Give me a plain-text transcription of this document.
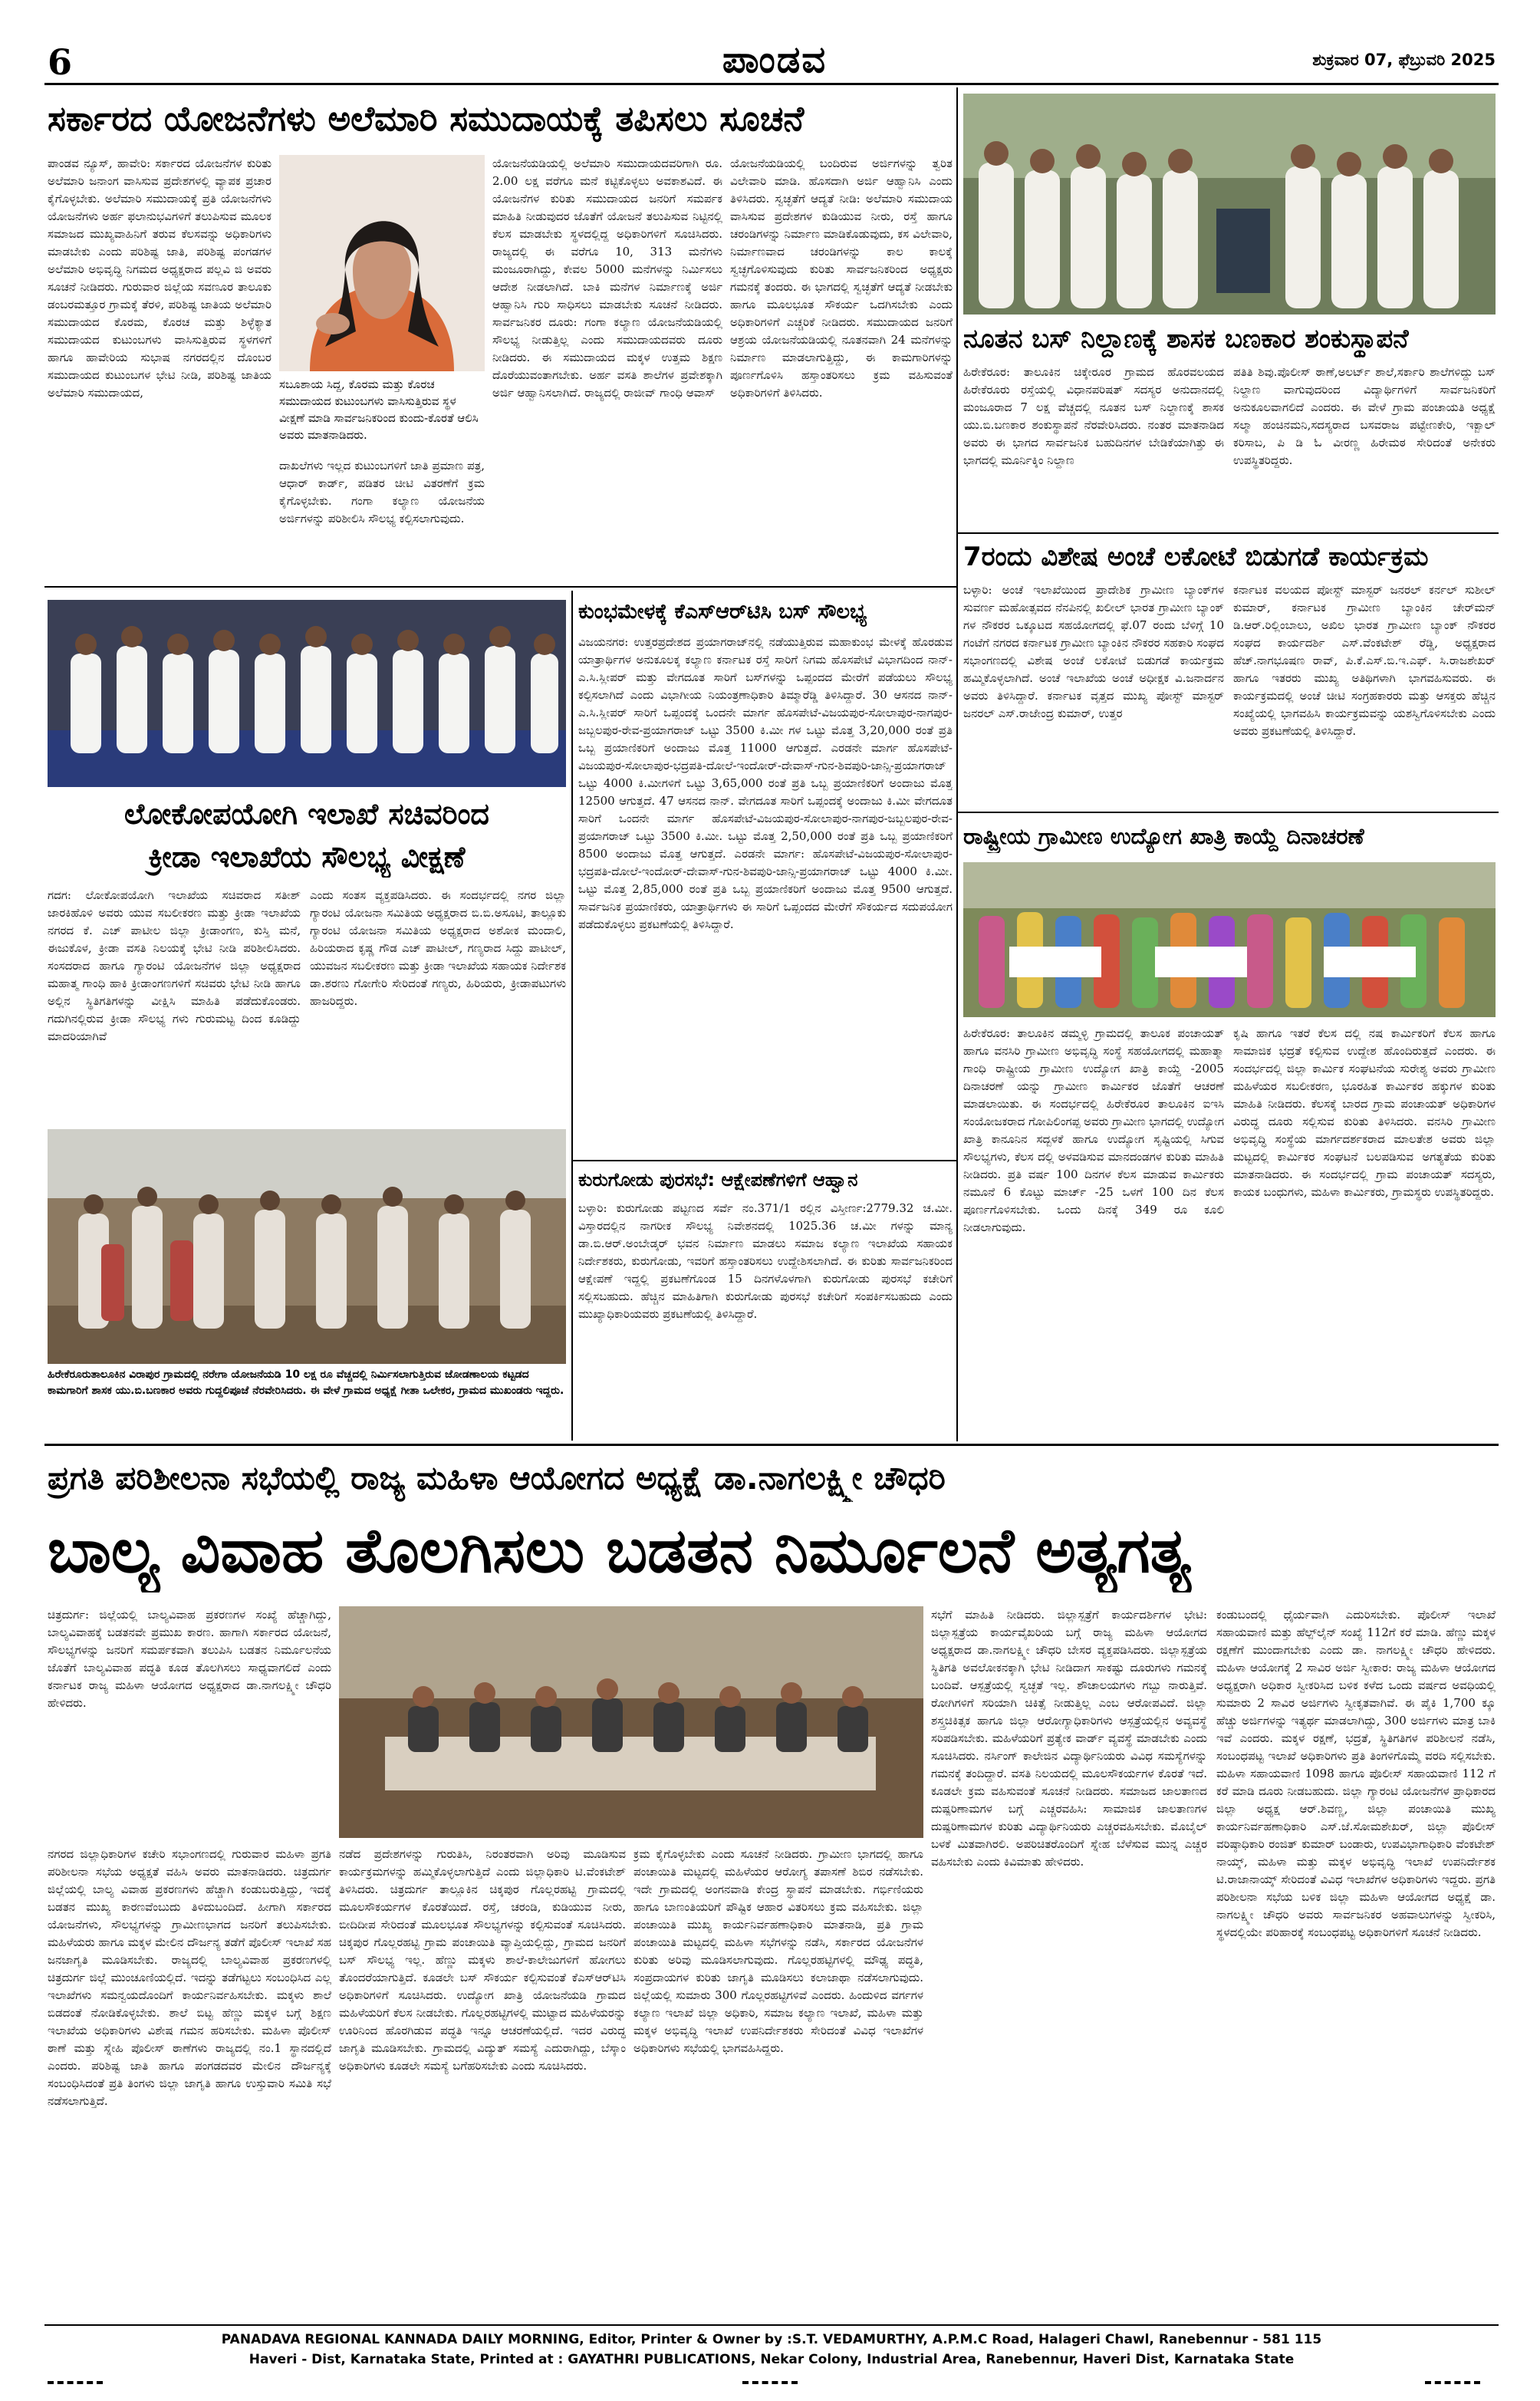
6	ಪಾಂಡವ	ಶುಕ್ರವಾರ 07, ಫೆಬ್ರುವರಿ 2025
ಸರ್ಕಾರದ ಯೋಜನೆಗಳು ಅಲೆಮಾರಿ ಸಮುದಾಯಕ್ಕೆ ತಪಿಸಲು ಸೂಚನೆ
ಪಾಂಡವ ನ್ಯೂಸ್, ಹಾವೇರಿ: ಸರ್ಕಾರದ ಯೋಜನೆಗಳ ಕುರಿತು ಅಲೆಮಾರಿ ಜನಾಂಗ ವಾಸಿಸುವ ಪ್ರದೇಶಗಳಲ್ಲಿ ವ್ಯಾಪಕ ಪ್ರಚಾರ ಕೈಗೊಳ್ಳಬೇಕು. ಅಲೆಮಾರಿ ಸಮುದಾಯಕ್ಕೆ ಪ್ರತಿ ಯೋಜನೆಗಳು ಯೋಜನೆಗಳು ಅರ್ಹ ಫಲಾನುಭವಿಗಳಿಗೆ ತಲುಪಿಸುವ ಮೂಲಕ ಸಮಾಜದ ಮುಖ್ಯವಾಹಿನಿಗೆ ತರುವ ಕೆಲಸವನ್ನು ಅಧಿಕಾರಿಗಳು ಮಾಡಬೇಕು ಎಂದು ಪರಿಶಿಷ್ಟ ಜಾತಿ, ಪರಿಶಿಷ್ಟ ಪಂಗಡಗಳ ಅಲೆಮಾರಿ ಅಭಿವೃದ್ಧಿ ನಿಗಮದ ಅಧ್ಯಕ್ಷರಾದ ಪಲ್ಲವಿ ಜಿ ಅವರು ಸೂಚನೆ ನೀಡಿದರು. ಗುರುವಾರ ಜಿಲ್ಲೆಯ ಸವಣೂರ ತಾಲೂಕು ಡಂಬರಮತ್ತೂರ ಗ್ರಾಮಕ್ಕೆ ತೆರಳಿ, ಪರಿಶಿಷ್ಟ ಜಾತಿಯ ಅಲೆಮಾರಿ ಸಮುದಾಯದ ಕೊರಮ, ಕೊರಚ ಮತ್ತು ಶಿಳ್ಳೆಕ್ಯಾತ ಸಮುದಾಯದ ಕುಟುಂಬಗಳು ವಾಸಿಸುತ್ತಿರುವ ಸ್ಥಳಗಳಿಗೆ ಹಾಗೂ ಹಾವೇರಿಯ ಸುಭಾಷ ನಗರದಲ್ಲಿನ ದೊಂಬರ ಸಮುದಾಯದ ಕುಟುಂಬಗಳ ಭೇಟಿ ನೀಡಿ, ಪರಿಶಿಷ್ಟ ಜಾತಿಯ ಅಲೆಮಾರಿ ಸಮುದಾಯದ,
ಸಬೂಶಾಯ ಸಿದ್ದ, ಕೊರಮ ಮತ್ತು ಕೊರಚ ಸಮುದಾಯದ ಕುಟುಂಬಗಳು ವಾಸಿಸುತ್ತಿರುವ ಸ್ಥಳ ವೀಕ್ಷಣೆ ಮಾಡಿ ಸಾರ್ವಜನಿಕರಿಂದ ಕುಂದು-ಕೊರತೆ ಆಲಿಸಿ ಅವರು ಮಾತನಾಡಿದರು.
ಯೋಜನೆಯಡಿಯಲ್ಲಿ ಅಲೆಮಾರಿ ಸಮುದಾಯದವರಿಗಾಗಿ ರೂ. 2.00 ಲಕ್ಷ ವರೆಗೂ ಮನೆ ಕಟ್ಟಿಕೊಳ್ಳಲು ಅವಕಾಶವಿದೆ. ಈ ಯೋಜನೆಗಳ ಕುರಿತು ಸಮುದಾಯದ ಜನರಿಗೆ ಸಮರ್ಪಕ ಮಾಹಿತಿ ನೀಡುವುದರ ಜೊತೆಗೆ ಯೋಜನೆ ತಲುಪಿಸುವ ನಿಟ್ಟಿನಲ್ಲಿ ಕೆಲಸ ಮಾಡಬೇಕು ಸ್ಥಳದಲ್ಲಿದ್ದ ಅಧಿಕಾರಿಗಳಿಗೆ ಸೂಚಿಸಿದರು. ರಾಜ್ಯದಲ್ಲಿ ಈ ವರೆಗೂ 10, 313 ಮನೆಗಳು ಮಂಜೂರಾಗಿದ್ದು, ಕೇವಲ 5000 ಮನೆಗಳನ್ನು ನಿರ್ಮಿಸಲು ಆದೇಶ ನೀಡಲಾಗಿದೆ. ಬಾಕಿ ಮನೆಗಳ ನಿರ್ಮಾಣಕ್ಕೆ ಅರ್ಜಿ ಆಹ್ವಾನಿಸಿ ಗುರಿ ಸಾಧಿಸಲು ಮಾಡಬೇಕು ಸೂಚನೆ ನೀಡಿದರು. ಸಾರ್ವಜನಿಕರ ದೂರು: ಗಂಗಾ ಕಲ್ಯಾಣ ಯೋಜನೆಯಡಿಯಲ್ಲಿ ಸೌಲಭ್ಯ ನೀಡುತ್ತಿಲ್ಲ ಎಂದು ಸಮುದಾಯದವರು ದೂರು ನೀಡಿದರು. ಈ ಸಮುದಾಯದ ಮಕ್ಕಳ ಉತ್ತಮ ಶಿಕ್ಷಣ ದೊರೆಯುವಂತಾಗಬೇಕು. ಅರ್ಹ ವಸತಿ ಶಾಲೆಗಳ ಪ್ರವೇಶಕ್ಕಾಗಿ ಅರ್ಜಿ ಆಹ್ವಾನಿಸಲಾಗಿದೆ. ರಾಜ್ಯದಲ್ಲಿ ರಾಜೀವ್ ಗಾಂಧಿ ಆವಾಸ್
ಯೋಜನೆಯಡಿಯಲ್ಲಿ ಬಂದಿರುವ ಅರ್ಜಿಗಳನ್ನು ತ್ವರಿತ ವಿಲೇವಾರಿ ಮಾಡಿ. ಹೊಸದಾಗಿ ಅರ್ಜಿ ಆಹ್ವಾನಿಸಿ ಎಂದು ತಿಳಿಸಿದರು. ಸ್ವಚ್ಛತೆಗೆ ಆದ್ಯತೆ ನೀಡಿ: ಅಲೆಮಾರಿ ಸಮುದಾಯ ವಾಸಿಸುವ ಪ್ರದೇಶಗಳ ಕುಡಿಯುವ ನೀರು, ರಸ್ತೆ ಹಾಗೂ ಚರಂಡಿಗಳನ್ನು ನಿರ್ಮಾಣ ಮಾಡಿಕೊಡುವುದು, ಕಸ ವಿಲೇವಾರಿ, ನಿರ್ಮಾಣವಾದ ಚರಂಡಿಗಳನ್ನು ಕಾಲ ಕಾಲಕ್ಕೆ ಸ್ವಚ್ಛಗೊಳಿಸುವುದು ಕುರಿತು ಸಾರ್ವಜನಿಕರಿಂದ ಅಧ್ಯಕ್ಷರು ಗಮನಕ್ಕೆ ತಂದರು. ಈ ಭಾಗದಲ್ಲಿ ಸ್ವಚ್ಛತೆಗೆ ಆದ್ಯತೆ ನೀಡಬೇಕು ಹಾಗೂ ಮೂಲಭೂತ ಸೌಕರ್ಯ ಒದಗಿಸಬೇಕು ಎಂದು ಅಧಿಕಾರಿಗಳಿಗೆ ಎಚ್ಚರಿಕೆ ನೀಡಿದರು. ಸಮುದಾಯದ ಜನರಿಗೆ ಆಶ್ರಯ ಯೋಜನೆಯಡಿಯಲ್ಲಿ ನೂತನವಾಗಿ 24 ಮನೆಗಳನ್ನು ನಿರ್ಮಾಣ ಮಾಡಲಾಗುತ್ತಿದ್ದು, ಈ ಕಾಮಗಾರಿಗಳನ್ನು ಪೂರ್ಣಗೊಳಿಸಿ ಹಸ್ತಾಂತರಿಸಲು ಕ್ರಮ ವಹಿಸುವಂತೆ ಅಧಿಕಾರಿಗಳಿಗೆ ತಿಳಿಸಿದರು.
ದಾಖಲೆಗಳು ಇಲ್ಲದ ಕುಟುಂಬಗಳಿಗೆ ಜಾತಿ ಪ್ರಮಾಣ ಪತ್ರ, ಆಧಾರ್ ಕಾರ್ಡ್, ಪಡಿತರ ಚೀಟಿ ವಿತರಣೆಗೆ ಕ್ರಮ ಕೈಗೊಳ್ಳಬೇಕು. ಗಂಗಾ ಕಲ್ಯಾಣ ಯೋಜನೆಯ ಅರ್ಜಿಗಳನ್ನು ಪರಿಶೀಲಿಸಿ ಸೌಲಭ್ಯ ಕಲ್ಪಿಸಲಾಗುವುದು.
ನೂತನ ಬಸ್ ನಿಲ್ದಾಣಕ್ಕೆ ಶಾಸಕ ಬಣಕಾರ ಶಂಕುಸ್ಥಾಪನೆ
ಹಿರೇಕೆರೂರ: ತಾಲೂಕಿನ ಚಿಕ್ಕೇರೂರ ಗ್ರಾಮದ ಹೊರವಲಯದ ಹಿರೇಕೆರೂರು ರಸ್ತೆಯಲ್ಲಿ ವಿಧಾನಪರಿಷತ್ ಸದಸ್ಯರ ಅನುದಾನದಲ್ಲಿ ಮಂಜೂರಾದ 7 ಲಕ್ಷ ವೆಚ್ಚದಲ್ಲಿ ನೂತನ ಬಸ್ ನಿಲ್ದಾಣಕ್ಕೆ ಶಾಸಕ ಯು.ಬಿ.ಬಣಕಾರ ಶಂಕುಸ್ಥಾಪನೆ ನೆರವೇರಿಸಿದರು. ನಂತರ ಮಾತನಾಡಿದ ಅವರು ಈ ಭಾಗದ ಸಾರ್ವಜನಿಕ ಬಹುದಿನಗಳ ಬೇಡಿಕೆಯಾಗಿತ್ತು ಈ ಭಾಗದಲ್ಲಿ ಮೂರ್ನಿಕ್ಕಿಂ ನಿಲ್ದಾಣ
ಪತಿತಿ ಶಿವು.ಪೊಲೀಸ್ ಠಾಣೆ,ಅಲರ್ಟ್ ಶಾಲೆ,ಸರ್ಕಾರಿ ಶಾಲೆಗಳಿದ್ದು ಬಸ್ ನಿಲ್ದಾಣ ವಾಗುವುದರಿಂದ ವಿದ್ಯಾರ್ಥಿಗಳಿಗೆ ಸಾರ್ವಜನಿಕರಿಗೆ ಅನುಕೂಲವಾಗಲಿದೆ ಎಂದರು. ಈ ವೇಳೆ ಗ್ರಾಮ ಪಂಚಾಯತಿ ಅಧ್ಯಕ್ಷೆ ಸಲ್ಮಾ ಹಂಚಿನಮನಿ,ಸದಸ್ಯರಾದ ಬಸವರಾಜ ಪಟ್ಟೇಣಕೇರಿ, ಇಕ್ಬಾಲ್ ಕರಿಸಾಬ, ಪಿ ಡಿ ಓ ವೀರಣ್ಣ ಹಿರೇಮಠ ಸೇರಿದಂತೆ ಅನೇಕರು ಉಪಸ್ಥಿತರಿದ್ದರು.
7ರಂದು ವಿಶೇಷ ಅಂಚೆ ಲಕೋಟೆ ಬಿಡುಗಡೆ ಕಾರ್ಯಕ್ರಮ
ಬಳ್ಳಾರಿ: ಅಂಚೆ ಇಲಾಖೆಯಿಂದ ಪ್ರಾದೇಶಿಕ ಗ್ರಾಮೀಣ ಬ್ಯಾಂಕ್‌ಗಳ ಸುವರ್ಣ ಮಹೋತ್ಸವದ ನೆನಪಿನಲ್ಲಿ ಖಲೀಲ್ ಭಾರತ ಗ್ರಾಮೀಣ ಬ್ಯಾಂಕ್ ಗಳ ನೌಕರರ ಒಕ್ಕೂಟದ ಸಹಯೋಗದಲ್ಲಿ ಫೆ.07 ರಂದು ಬೆಳಿಗ್ಗೆ 10 ಗಂಟೆಗೆ ನಗರದ ಕರ್ನಾಟಕ ಗ್ರಾಮೀಣ ಬ್ಯಾಂಕಿನ ನೌಕರರ ಸಹಕಾರಿ ಸಂಘದ ಸಭಾಂಗಣದಲ್ಲಿ ವಿಶೇಷ ಅಂಚೆ ಲಕೋಟೆ ಬಿಡುಗಡೆ ಕಾರ್ಯಕ್ರಮ ಹಮ್ಮಿಕೊಳ್ಳಲಾಗಿದೆ. ಅಂಚೆ ಇಲಾಖೆಯ ಅಂಚೆ ಅಧೀಕ್ಷಕ ವಿ.ಜನಾರ್ದನ ಅವರು ತಿಳಿಸಿದ್ದಾರೆ. ಕರ್ನಾಟಕ ವೃತ್ತದ ಮುಖ್ಯ ಪೋಸ್ಟ್ ಮಾಸ್ಟರ್ ಜನರಲ್ ಎಸ್.ರಾಜೇಂದ್ರ ಕುಮಾರ್, ಉತ್ತರ
ಕರ್ನಾಟಕ ವಲಯದ ಪೋಸ್ಟ್ ಮಾಸ್ಟರ್ ಜನರಲ್ ಕರ್ನಲ್ ಸುಶೀಲ್ ಕುಮಾರ್, ಕರ್ನಾಟಕ ಗ್ರಾಮೀಣ ಬ್ಯಾಂಕಿನ ಚೇರ್‌ಮನ್ ಡಿ.ಆರ್.ರಿಲ್ಲಿಂಬಾಲು, ಅಖಿಲ ಭಾರತ ಗ್ರಾಮೀಣ ಬ್ಯಾಂಕ್ ನೌಕರರ ಸಂಘದ ಕಾರ್ಯದರ್ಶಿ ಎಸ್.ವೆಂಕಟೇಶ್ ರೆಡ್ಡಿ, ಅಧ್ಯಕ್ಷರಾದ ಹೆಚ್.ನಾಗಭೂಷಣ ರಾವ್, ಪಿ.ಕೆ.ಎಸ್.ಬಿ.ಇ.ಎಫ್. ಸಿ.ರಾಜಶೇಖರ್ ಹಾಗೂ ಇತರರು ಮುಖ್ಯ ಅತಿಥಿಗಳಾಗಿ ಭಾಗವಹಿಸುವರು. ಈ ಕಾರ್ಯಕ್ರಮದಲ್ಲಿ ಅಂಚೆ ಚೀಟಿ ಸಂಗ್ರಹಕಾರರು ಮತ್ತು ಆಸಕ್ತರು ಹೆಚ್ಚಿನ ಸಂಖ್ಯೆಯಲ್ಲಿ ಭಾಗವಹಿಸಿ ಕಾರ್ಯಕ್ರಮವನ್ನು ಯಶಸ್ವಿಗೊಳಿಸಬೇಕು ಎಂದು ಅವರು ಪ್ರಕಟಣೆಯಲ್ಲಿ ತಿಳಿಸಿದ್ದಾರೆ.
ಲೋಕೋಪಯೋಗಿ ಇಲಾಖೆ ಸಚಿವರಿಂದ
ಕ್ರೀಡಾ ಇಲಾಖೆಯ ಸೌಲಭ್ಯ ವೀಕ್ಷಣೆ
ಗದಗ: ಲೋಕೋಪಯೋಗಿ ಇಲಾಖೆಯ ಸಚಿವರಾದ ಸತೀಶ್ ಜಾರಕಿಹೊಳಿ ಅವರು ಯುವ ಸಬಲೀಕರಣ ಮತ್ತು ಕ್ರೀಡಾ ಇಲಾಖೆಯ ನಗರದ ಕೆ. ಎಚ್ ಪಾಟೀಲ ಜಿಲ್ಲಾ ಕ್ರೀಡಾಂಗಣ, ಕುಸ್ತಿ ಮನೆ, ಈಜುಕೊಳ, ಕ್ರೀಡಾ ವಸತಿ ನಿಲಯಕ್ಕೆ ಭೇಟಿ ನೀಡಿ ಪರಿಶೀಲಿಸಿದರು. ಸಂಸದರಾದ ಹಾಗೂ ಗ್ಯಾರಂಟಿ ಯೋಜನೆಗಳ ಜಿಲ್ಲಾ ಅಧ್ಯಕ್ಷರಾದ ಮಹಾತ್ಮ ಗಾಂಧಿ ಹಾಕಿ ಕ್ರೀಡಾಂಗಣಗಳಿಗೆ ಸಚಿವರು ಭೇಟಿ ನೀಡಿ ಹಾಗೂ ಅಲ್ಲಿನ ಸ್ಥಿತಿಗತಿಗಳನ್ನು ವೀಕ್ಷಿಸಿ ಮಾಹಿತಿ ಪಡೆದುಕೊಂಡರು. ಗದುಗಿನಲ್ಲಿರುವ ಕ್ರೀಡಾ ಸೌಲಭ್ಯ ಗಳು ಗುರುಮಟ್ಟ ದಿಂದ ಕೂಡಿದ್ದು ಮಾದರಿಯಾಗಿವೆ
ಎಂದು ಸಂತಸ ವ್ಯಕ್ತಪಡಿಸಿದರು. ಈ ಸಂದರ್ಭದಲ್ಲಿ ನಗರ ಜಿಲ್ಲಾ ಗ್ಯಾರಂಟಿ ಯೋಜನಾ ಸಮಿತಿಯ ಅಧ್ಯಕ್ಷರಾದ ಬಿ.ಬಿ.ಅಸೂಟಿ, ತಾಲ್ಲೂಕು ಗ್ಯಾರಂಟಿ ಯೋಜನಾ ಸಮಿತಿಯ ಅಧ್ಯಕ್ಷರಾದ ಅಶೋಕ ಮಂದಾಲಿ, ಹಿರಿಯರಾದ ಕೃಷ್ಣ ಗೌಡ ಎಚ್ ಪಾಟೀಲ್, ಗಣ್ಯರಾದ ಸಿದ್ದು ಪಾಟೀಲ್, ಯುವಜನ ಸಬಲೀಕರಣ ಮತ್ತು ಕ್ರೀಡಾ ಇಲಾಖೆಯ ಸಹಾಯಕ ನಿರ್ದೇಶಕ ಡಾ.ಶರಣು ಗೋಗೇರಿ ಸೇರಿದಂತೆ ಗಣ್ಯರು, ಹಿರಿಯರು, ಕ್ರೀಡಾಪಟುಗಳು ಹಾಜರಿದ್ದರು.
ಹಿರೇಕೆರೂರುತಾಲೂಕಿನ ವಿರಾಪುರ ಗ್ರಾಮದಲ್ಲಿ ನರೇಗಾ ಯೋಜನೆಯಡಿ 10 ಲಕ್ಷ ರೂ ವೆಚ್ಚದಲ್ಲಿ ನಿರ್ಮಿಸಲಾಗುತ್ತಿರುವ ಜೋಡಣಾಲಯ ಕಟ್ಟಡದ ಕಾಮಗಾರಿಗೆ ಶಾಸಕ ಯು.ಬಿ.ಬಣಕಾರ ಅವರು ಗುದ್ದಲಿಪೂಜೆ ನೆರವೇರಿಸಿದರು. ಈ ವೇಳೆ ಗ್ರಾಮದ ಅಧ್ಯಕ್ಷೆ ಗೀತಾ ಒಲೇಕರ, ಗ್ರಾಮದ ಮುಖಂಡರು ಇದ್ದರು.
ಕುಂಭಮೇಳಕ್ಕೆ ಕೆಎಸ್‌ಆರ್‌ಟಿಸಿ ಬಸ್ ಸೌಲಭ್ಯ
ವಿಜಯನಗರ: ಉತ್ತರಪ್ರದೇಶದ ಪ್ರಯಾಗರಾಜ್‌ನಲ್ಲಿ ನಡೆಯುತ್ತಿರುವ ಮಹಾಕುಂಭ ಮೇಳಕ್ಕೆ ಹೊರಡುವ ಯಾತ್ರಾರ್ಥಿಗಳ ಅನುಕೂಲಕ್ಕ ಕಲ್ಯಾಣ ಕರ್ನಾಟಕ ರಸ್ತೆ ಸಾರಿಗೆ ನಿಗಮ ಹೊಸಪೇಟೆ ವಿಭಾಗದಿಂದ ನಾನ್-ಎ.ಸಿ.ಸ್ಲೀಪರ್ ಮತ್ತು ವೇಗದೂತ ಸಾರಿಗೆ ಬಸ್‌ಗಳನ್ನು ಒಪ್ಪಂದದ ಮೇರೆಗೆ ಪಡೆಯಲು ಸೌಲಭ್ಯ ಕಲ್ಪಿಸಲಾಗಿದೆ ಎಂದು ವಿಭಾಗೀಯ ನಿಯಂತ್ರಣಾಧಿಕಾರಿ ತಿಮ್ಮಾರೆಡ್ಡಿ ತಿಳಿಸಿದ್ದಾರೆ. 30 ಆಸನದ ನಾನ್-ಎ.ಸಿ.ಸ್ಲೀಪರ್ ಸಾರಿಗೆ ಒಪ್ಪಂದಕ್ಕೆ ಒಂದನೇ ಮಾರ್ಗ ಹೊಸಪೇಟೆ-ವಿಜಯಪುರ-ಸೋಲಾಪುರ-ನಾಗಪುರ-ಜಬ್ಬಲಪುರ-ರೇವ-ಪ್ರಯಾಗರಾಜ್ ಒಟ್ಟು 3500 ಕಿ.ಮೀ ಗಳ ಒಟ್ಟು ಮೊತ್ತ 3,20,000 ರಂತೆ ಪ್ರತಿ ಒಬ್ಬ ಪ್ರಯಾಣಿಕರಿಗೆ ಅಂದಾಜು ಮೊತ್ತ 11000 ಆಗುತ್ತದೆ. ಎರಡನೇ ಮಾರ್ಗ ಹೊಸಪೇಟೆ-ವಿಜಯಪುರ-ಸೋಲಾಪುರ-ಭದ್ರಪತಿ-ದೋಲೆ-ಇಂದೋರ್-ದೇವಾಸ್-ಗುನ-ಶಿವಪುರಿ-ಜಾನ್ಸಿ-ಪ್ರಯಾಗರಾಜ್ ಒಟ್ಟು 4000 ಕಿ.ಮೀಗಳಿಗೆ ಒಟ್ಟು 3,65,000 ರಂತೆ ಪ್ರತಿ ಒಬ್ಬ ಪ್ರಯಾಣಿಕರಿಗೆ ಅಂದಾಜು ಮೊತ್ತ 12500 ಆಗುತ್ತದೆ. 47 ಆಸನದ ನಾನ್. ವೇಗದೂತ ಸಾರಿಗೆ ಒಪ್ಪಂದಕ್ಕೆ ಅಂದಾಜು ಕಿ.ಮೀ ವೇಗದೂತ ಸಾರಿಗೆ ಒಂದನೇ ಮಾರ್ಗ ಹೊಸಪೇಟೆ-ವಿಜಯಪುರ-ಸೋಲಾಪುರ-ನಾಗಪುರ-ಜಬ್ಬಲಪುರ-ರೇವ-ಪ್ರಯಾಗರಾಜ್ ಒಟ್ಟು 3500 ಕಿ.ಮೀ. ಒಟ್ಟು ಮೊತ್ತ 2,50,000 ರಂತೆ ಪ್ರತಿ ಒಬ್ಬ ಪ್ರಯಾಣಿಕರಿಗೆ 8500 ಅಂದಾಜು ಮೊತ್ತ ಆಗುತ್ತದೆ. ಎರಡನೇ ಮಾರ್ಗ: ಹೊಸಪೇಟೆ-ವಿಜಯಪುರ-ಸೋಲಾಪುರ-ಭದ್ರಪತಿ-ದೋಲೆ-ಇಂದೋರ್-ದೇವಾಸ್-ಗುನ-ಶಿವಪುರಿ-ಜಾನ್ಸಿ-ಪ್ರಯಾಗರಾಜ್ ಒಟ್ಟು 4000 ಕಿ.ಮೀ. ಒಟ್ಟು ಮೊತ್ತ 2,85,000 ರಂತೆ ಪ್ರತಿ ಒಬ್ಬ ಪ್ರಯಾಣಿಕರಿಗೆ ಅಂದಾಜು ಮೊತ್ತ 9500 ಆಗುತ್ತದೆ. ಸಾರ್ವಜನಿಕ ಪ್ರಯಾಣಿಕರು, ಯಾತ್ರಾರ್ಥಿಗಳು ಈ ಸಾರಿಗೆ ಒಪ್ಪಂದದ ಮೇರೆಗೆ ಸೌಕರ್ಯದ ಸದುಪಯೋಗ ಪಡೆದುಕೊಳ್ಳಲು ಪ್ರಕಟಣೆಯಲ್ಲಿ ತಿಳಿಸಿದ್ದಾರೆ.
ಕುರುಗೋಡು ಪುರಸಭೆ: ಆಕ್ಷೇಪಣೆಗಳಿಗೆ ಆಹ್ವಾನ
ಬಳ್ಳಾರಿ: ಕುರುಗೋಡು ಪಟ್ಟಣದ ಸರ್ವೆ ನಂ.371/1 ರಲ್ಲಿನ ವಿಸ್ತೀರ್ಣ:2779.32 ಚ.ಮೀ. ವಿಸ್ತಾರದಲ್ಲಿನ ನಾಗರೀಕ ಸೌಲಭ್ಯ ನಿವೇಶನದಲ್ಲಿ 1025.36 ಚ.ಮೀ ಗಳನ್ನು ಮಾನ್ಯ ಡಾ.ಬಿ.ಆರ್.ಅಂಬೇಡ್ಕರ್ ಭವನ ನಿರ್ಮಾಣ ಮಾಡಲು ಸಮಾಜ ಕಲ್ಯಾಣ ಇಲಾಖೆಯ ಸಹಾಯಕ ನಿರ್ದೇಶಕರು, ಕುರುಗೋಡು, ಇವರಿಗೆ ಹಸ್ತಾಂತರಿಸಲು ಉದ್ದೇಶಿಸಲಾಗಿದೆ. ಈ ಕುರಿತು ಸಾರ್ವಜನಿಕರಿಂದ ಆಕ್ಷೇಪಣೆ ಇದ್ದಲ್ಲಿ ಪ್ರಕಟಣೆಗೊಂಡ 15 ದಿನಗಳೊಳಗಾಗಿ ಕುರುಗೋಡು ಪುರಸಭೆ ಕಚೇರಿಗೆ ಸಲ್ಲಿಸಬಹುದು. ಹೆಚ್ಚಿನ ಮಾಹಿತಿಗಾಗಿ ಕುರುಗೋಡು ಪುರಸಭೆ ಕಚೇರಿಗೆ ಸಂಪರ್ಕಿಸಬಹುದು ಎಂದು ಮುಖ್ಯಾಧಿಕಾರಿಯವರು ಪ್ರಕಟಣೆಯಲ್ಲಿ ತಿಳಿಸಿದ್ದಾರೆ.
ರಾಷ್ಟ್ರೀಯ ಗ್ರಾಮೀಣ ಉದ್ಯೋಗ ಖಾತ್ರಿ ಕಾಯ್ದೆ ದಿನಾಚರಣೆ
ಹಿರೇಕೆರೂರ: ತಾಲೂಕಿನ ಡಮ್ಮಳ್ಳಿ ಗ್ರಾಮದಲ್ಲಿ ತಾಲೂಕ ಪಂಚಾಯತ್ ಹಾಗೂ ವನಸಿರಿ ಗ್ರಾಮೀಣ ಅಭಿವೃದ್ಧಿ ಸಂಸ್ಥೆ ಸಹಯೋಗದಲ್ಲಿ ಮಹಾತ್ಮಾ ಗಾಂಧಿ ರಾಷ್ಟ್ರೀಯ ಗ್ರಾಮೀಣ ಉದ್ಯೋಗ ಖಾತ್ರಿ ಕಾಯ್ದೆ -2005 ದಿನಾಚರಣೆ ಯನ್ನು ಗ್ರಾಮೀಣ ಕಾರ್ಮಿಕರ ಜೊತೆಗೆ ಆಚರಣೆ ಮಾಡಲಾಯಿತು. ಈ ಸಂದರ್ಭದಲ್ಲಿ ಹಿರೇಕೆರೂರ ತಾಲೂಕಿನ ಐಇಸಿ ಸಂಯೋಜಕರಾದ ಗೋಪಿಲಿಂಗಪ್ಪ ಅವರು ಗ್ರಾಮೀಣ ಭಾಗದಲ್ಲಿ ಉದ್ಯೋಗ ಖಾತ್ರಿ ಕಾನೂನಿನ ಸದ್ಬಳಕೆ ಹಾಗೂ ಉದ್ಯೋಗ ಸೃಷ್ಟಿಯಲ್ಲಿ ಸಿಗುವ ಸೌಲಭ್ಯಗಳು, ಕೆಲಸ ದಲ್ಲಿ ಅಳವಡಿಸುವ ಮಾನದಂಡಗಳ ಕುರಿತು ಮಾಹಿತಿ ನೀಡಿದರು. ಪ್ರತಿ ವರ್ಷ 100 ದಿನಗಳ ಕೆಲಸ ಮಾಡುವ ಕಾರ್ಮಿಕರು ನಮೂನೆ 6 ಕೊಟ್ಟು ಮಾರ್ಚ್ -25 ಒಳಗೆ 100 ದಿನ ಕೆಲಸ ಪೂರ್ಣಗೊಳಿಸಬೇಕು. ಒಂದು ದಿನಕ್ಕೆ 349 ರೂ ಕೂಲಿ ನೀಡಲಾಗುವುದು.
ಕೃಷಿ ಹಾಗೂ ಇತರೆ ಕೆಲಸ ದಲ್ಲಿ ನಷ ಕಾರ್ಮಿಕರಿಗೆ ಕೆಲಸ ಹಾಗೂ ಸಾಮಾಜಿಕ ಭದ್ರತೆ ಕಲ್ಪಿಸುವ ಉದ್ದೇಶ ಹೊಂದಿರುತ್ತದೆ ಎಂದರು. ಈ ಸಂದರ್ಭದಲ್ಲಿ ಜಿಲ್ಲಾ ಕಾರ್ಮಿಕ ಸಂಘಟನೆಯ ಸುರೇಶ್ಯ ಅವರು ಗ್ರಾಮೀಣ ಮಹಿಳೆಯರ ಸಬಲೀಕರಣ, ಭೂರಹಿತ ಕಾರ್ಮಿಕರ ಹಕ್ಕುಗಳ ಕುರಿತು ಮಾಹಿತಿ ನೀಡಿದರು. ಕೆಲಸಕ್ಕೆ ಬಾರದ ಗ್ರಾಮ ಪಂಚಾಯತ್ ಅಧಿಕಾರಿಗಳ ವಿರುದ್ಧ ದೂರು ಸಲ್ಲಿಸುವ ಕುರಿತು ತಿಳಿಸಿದರು. ವನಸಿರಿ ಗ್ರಾಮೀಣ ಅಭಿವೃದ್ಧಿ ಸಂಸ್ಥೆಯ ಮಾರ್ಗದರ್ಶಕರಾದ ಮಾಲತೇಶ ಅವರು ಜಿಲ್ಲಾ ಮಟ್ಟದಲ್ಲಿ ಕಾರ್ಮಿಕರ ಸಂಘಟನೆ ಬಲಪಡಿಸುವ ಅಗತ್ಯತೆಯ ಕುರಿತು ಮಾತನಾಡಿದರು. ಈ ಸಂದರ್ಭದಲ್ಲಿ ಗ್ರಾಮ ಪಂಚಾಯತ್ ಸದಸ್ಯರು, ಕಾಯಕ ಬಂಧುಗಳು, ಮಹಿಳಾ ಕಾರ್ಮಿಕರು, ಗ್ರಾಮಸ್ಥರು ಉಪಸ್ಥಿತರಿದ್ದರು.
ಪ್ರಗತಿ ಪರಿಶೀಲನಾ ಸಭೆಯಲ್ಲಿ ರಾಜ್ಯ ಮಹಿಳಾ ಆಯೋಗದ ಅಧ್ಯಕ್ಷೆ ಡಾ.ನಾಗಲಕ್ಷ್ಮೀ ಚೌಧರಿ
ಬಾಲ್ಯ ವಿವಾಹ ತೊಲಗಿಸಲು ಬಡತನ ನಿರ್ಮೂಲನೆ ಅತ್ಯಗತ್ಯ
ಚಿತ್ರದುರ್ಗ: ಜಿಲ್ಲೆಯಲ್ಲಿ ಬಾಲ್ಯವಿವಾಹ ಪ್ರಕರಣಗಳ ಸಂಖ್ಯೆ ಹೆಚ್ಚಾಗಿದ್ದು, ಬಾಲ್ಯವಿವಾಹಕ್ಕೆ ಬಡತನವೇ ಪ್ರಮುಖ ಕಾರಣ. ಹಾಗಾಗಿ ಸರ್ಕಾರದ ಯೋಜನೆ, ಸೌಲಭ್ಯಗಳನ್ನು ಜನರಿಗೆ ಸಮರ್ಪಕವಾಗಿ ತಲುಪಿಸಿ ಬಡತನ ನಿರ್ಮೂಲನೆಯ ಜೊತೆಗೆ ಬಾಲ್ಯವಿವಾಹ ಪದ್ಧತಿ ಕೂಡ ತೊಲಗಿಸಲು ಸಾಧ್ಯವಾಗಲಿದೆ ಎಂದು ಕರ್ನಾಟಕ ರಾಜ್ಯ ಮಹಿಳಾ ಆಯೋಗದ ಅಧ್ಯಕ್ಷರಾದ ಡಾ.ನಾಗಲಕ್ಷ್ಮೀ ಚೌಧರಿ ಹೇಳಿದರು.
ನಗರದ ಜಿಲ್ಲಾಧಿಕಾರಿಗಳ ಕಚೇರಿ ಸಭಾಂಗಣದಲ್ಲಿ ಗುರುವಾರ ಮಹಿಳಾ ಪ್ರಗತಿ ಪರಿಶೀಲನಾ ಸಭೆಯ ಅಧ್ಯಕ್ಷತೆ ವಹಿಸಿ ಅವರು ಮಾತನಾಡಿದರು. ಚಿತ್ರದುರ್ಗ ಜಿಲ್ಲೆಯಲ್ಲಿ ಬಾಲ್ಯ ವಿವಾಹ ಪ್ರಕರಣಗಳು ಹೆಚ್ಚಾಗಿ ಕಂಡುಬರುತ್ತಿದ್ದು, ಇದಕ್ಕೆ ಬಡತನ ಮುಖ್ಯ ಕಾರಣವೆಂಬುದು ತಿಳಿದುಬಂದಿದೆ. ಹೀಗಾಗಿ ಸರ್ಕಾರದ ಯೋಜನೆಗಳು, ಸೌಲಭ್ಯಗಳನ್ನು ಗ್ರಾಮೀಣಭಾಗದ ಜನರಿಗೆ ತಲುಪಿಸಬೇಕು. ಮಹಿಳೆಯರು ಹಾಗೂ ಮಕ್ಕಳ ಮೇಲಿನ ದೌರ್ಜನ್ಯ ತಡೆಗೆ ಪೊಲೀಸ್ ಇಲಾಖೆ ಸಹ ಜನಜಾಗೃತಿ ಮೂಡಿಸಬೇಕು. ರಾಜ್ಯದಲ್ಲಿ ಬಾಲ್ಯವಿವಾಹ ಪ್ರಕರಣಗಳಲ್ಲಿ ಚಿತ್ರದುರ್ಗ ಜಿಲ್ಲೆ ಮುಂಚೂಣಿಯಲ್ಲಿದೆ. ಇದನ್ನು ತಡೆಗಟ್ಟಲು ಸಂಬಂಧಿಸಿದ ಎಲ್ಲ ಇಲಾಖೆಗಳು ಸಮನ್ವಯದೊಂದಿಗೆ ಕಾರ್ಯನಿರ್ವಹಿಸಬೇಕು. ಮಕ್ಕಳು ಶಾಲೆ ಬಿಡದಂತೆ ನೋಡಿಕೊಳ್ಳಬೇಕು. ಶಾಲೆ ಬಿಟ್ಟ ಹೆಣ್ಣು ಮಕ್ಕಳ ಬಗ್ಗೆ ಶಿಕ್ಷಣ ಇಲಾಖೆಯ ಅಧಿಕಾರಿಗಳು ವಿಶೇಷ ಗಮನ ಹರಿಸಬೇಕು. ಮಹಿಳಾ ಪೊಲೀಸ್ ಠಾಣೆ ಮತ್ತು ಸ್ನೇಹಿ ಪೊಲೀಸ್ ಠಾಣೆಗಳು ರಾಜ್ಯದಲ್ಲಿ ನಂ.1 ಸ್ಥಾನದಲ್ಲಿದೆ ಎಂದರು. ಪರಿಶಿಷ್ಟ ಜಾತಿ ಹಾಗೂ ಪಂಗಡದವರ ಮೇಲಿನ ದೌರ್ಜನ್ಯಕ್ಕೆ ಸಂಬಂಧಿಸಿದಂತೆ ಪ್ರತಿ ತಿಂಗಳು ಜಿಲ್ಲಾ ಜಾಗೃತಿ ಹಾಗೂ ಉಸ್ತುವಾರಿ ಸಮಿತಿ ಸಭೆ ನಡೆಸಲಾಗುತ್ತಿದೆ.
ನಡೆದ ಪ್ರದೇಶಗಳನ್ನು ಗುರುತಿಸಿ, ನಿರಂತರವಾಗಿ ಅರಿವು ಮೂಡಿಸುವ ಕಾರ್ಯಕ್ರಮಗಳನ್ನು ಹಮ್ಮಿಕೊಳ್ಳಲಾಗುತ್ತಿದೆ ಎಂದು ಜಿಲ್ಲಾಧಿಕಾರಿ ಟಿ.ವೆಂಕಟೇಶ್ ತಿಳಿಸಿದರು. ಚಿತ್ರದುರ್ಗ ತಾಲ್ಲೂಕಿನ ಚಿಕ್ಕಪುರ ಗೊಲ್ಲರಹಟ್ಟಿ ಗ್ರಾಮದಲ್ಲಿ ಮೂಲಸೌಕರ್ಯಗಳ ಕೊರತೆಯಿದೆ. ರಸ್ತೆ, ಚರಂಡಿ, ಕುಡಿಯುವ ನೀರು, ಬೀದಿದೀಪ ಸೇರಿದಂತೆ ಮೂಲಭೂತ ಸೌಲಭ್ಯಗಳನ್ನು ಕಲ್ಪಿಸುವಂತೆ ಸೂಚಿಸಿದರು. ಚಿಕ್ಕಪುರ ಗೊಲ್ಲರಹಟ್ಟಿ ಗ್ರಾಮ ಪಂಚಾಯಿತಿ ವ್ಯಾಪ್ತಿಯಲ್ಲಿದ್ದು, ಗ್ರಾಮದ ಜನರಿಗೆ ಬಸ್ ಸೌಲಭ್ಯ ಇಲ್ಲ. ಹೆಣ್ಣು ಮಕ್ಕಳು ಶಾಲೆ-ಕಾಲೇಜುಗಳಿಗೆ ಹೋಗಲು ತೊಂದರೆಯಾಗುತ್ತಿದೆ. ಕೂಡಲೇ ಬಸ್ ಸೌಕರ್ಯ ಕಲ್ಪಿಸುವಂತೆ ಕೆಎಸ್‌ಆರ್‌ಟಿಸಿ ಅಧಿಕಾರಿಗಳಿಗೆ ಸೂಚಿಸಿದರು. ಉದ್ಯೋಗ ಖಾತ್ರಿ ಯೋಜನೆಯಡಿ ಗ್ರಾಮದ ಮಹಿಳೆಯರಿಗೆ ಕೆಲಸ ನೀಡಬೇಕು. ಗೊಲ್ಲರಹಟ್ಟಿಗಳಲ್ಲಿ ಮುಟ್ಟಾದ ಮಹಿಳೆಯರನ್ನು ಊರಿನಿಂದ ಹೊರಗಿಡುವ ಪದ್ಧತಿ ಇನ್ನೂ ಆಚರಣೆಯಲ್ಲಿದೆ. ಇದರ ವಿರುದ್ಧ ಜಾಗೃತಿ ಮೂಡಿಸಬೇಕು. ಗ್ರಾಮದಲ್ಲಿ ವಿದ್ಯುತ್ ಸಮಸ್ಯೆ ಎದುರಾಗಿದ್ದು, ಬೆಸ್ಕಾಂ ಅಧಿಕಾರಿಗಳು ಕೂಡಲೇ ಸಮಸ್ಯೆ ಬಗೆಹರಿಸಬೇಕು ಎಂದು ಸೂಚಿಸಿದರು.
ಕ್ರಮ ಕೈಗೊಳ್ಳಬೇಕು ಎಂದು ಸೂಚನೆ ನೀಡಿದರು. ಗ್ರಾಮೀಣ ಭಾಗದಲ್ಲಿ ಹಾಗೂ ಪಂಚಾಯಿತಿ ಮಟ್ಟದಲ್ಲಿ ಮಹಿಳೆಯರ ಆರೋಗ್ಯ ತಪಾಸಣೆ ಶಿಬಿರ ನಡೆಸಬೇಕು. ಇದೇ ಗ್ರಾಮದಲ್ಲಿ ಅಂಗನವಾಡಿ ಕೇಂದ್ರ ಸ್ಥಾಪನೆ ಮಾಡಬೇಕು. ಗರ್ಭಿಣಿಯರು ಹಾಗೂ ಬಾಣಂತಿಯರಿಗೆ ಪೌಷ್ಟಿಕ ಆಹಾರ ವಿತರಿಸಲು ಕ್ರಮ ವಹಿಸಬೇಕು. ಜಿಲ್ಲಾ ಪಂಚಾಯಿತಿ ಮುಖ್ಯ ಕಾರ್ಯನಿರ್ವಹಣಾಧಿಕಾರಿ ಮಾತನಾಡಿ, ಪ್ರತಿ ಗ್ರಾಮ ಪಂಚಾಯಿತಿ ಮಟ್ಟದಲ್ಲಿ ಮಹಿಳಾ ಸಭೆಗಳನ್ನು ನಡೆಸಿ, ಸರ್ಕಾರದ ಯೋಜನೆಗಳ ಕುರಿತು ಅರಿವು ಮೂಡಿಸಲಾಗುವುದು. ಗೊಲ್ಲರಹಟ್ಟಿಗಳಲ್ಲಿ ಮೌಢ್ಯ ಪದ್ಧತಿ, ಸಂಪ್ರದಾಯಗಳ ಕುರಿತು ಜಾಗೃತಿ ಮೂಡಿಸಲು ಕಲಾಜಾಥಾ ನಡೆಸಲಾಗುವುದು. ಜಿಲ್ಲೆಯಲ್ಲಿ ಸುಮಾರು 300 ಗೊಲ್ಲರಹಟ್ಟಿಗಳಿವೆ ಎಂದರು. ಹಿಂದುಳಿದ ವರ್ಗಗಳ ಕಲ್ಯಾಣ ಇಲಾಖೆ ಜಿಲ್ಲಾ ಅಧಿಕಾರಿ, ಸಮಾಜ ಕಲ್ಯಾಣ ಇಲಾಖೆ, ಮಹಿಳಾ ಮತ್ತು ಮಕ್ಕಳ ಅಭಿವೃದ್ಧಿ ಇಲಾಖೆ ಉಪನಿರ್ದೇಶಕರು ಸೇರಿದಂತೆ ವಿವಿಧ ಇಲಾಖೆಗಳ ಅಧಿಕಾರಿಗಳು ಸಭೆಯಲ್ಲಿ ಭಾಗವಹಿಸಿದ್ದರು.
ಸಭೆಗೆ ಮಾಹಿತಿ ನೀಡಿದರು. ಜಿಲ್ಲಾಸ್ಪತ್ರೆಗೆ ಕಾರ್ಯದರ್ಶಿಗಳ ಭೇಟಿ: ಜಿಲ್ಲಾಸ್ಪತ್ರೆಯ ಕಾರ್ಯವೈಖರಿಯ ಬಗ್ಗೆ ರಾಜ್ಯ ಮಹಿಳಾ ಆಯೋಗದ ಅಧ್ಯಕ್ಷರಾದ ಡಾ.ನಾಗಲಕ್ಷ್ಮೀ ಚೌಧರಿ ಬೇಸರ ವ್ಯಕ್ತಪಡಿಸಿದರು. ಜಿಲ್ಲಾಸ್ಪತ್ರೆಯ ಸ್ಥಿತಿಗತಿ ಅವಲೋಕನಕ್ಕಾಗಿ ಭೇಟಿ ನೀಡಿದಾಗ ಸಾಕಷ್ಟು ದೂರುಗಳು ಗಮನಕ್ಕೆ ಬಂದಿವೆ. ಆಸ್ಪತ್ರೆಯಲ್ಲಿ ಸ್ವಚ್ಛತೆ ಇಲ್ಲ. ಶೌಚಾಲಯಗಳು ಗಬ್ಬು ನಾರುತ್ತಿವೆ. ರೋಗಿಗಳಿಗೆ ಸರಿಯಾಗಿ ಚಿಕಿತ್ಸೆ ನೀಡುತ್ತಿಲ್ಲ ಎಂಬ ಆರೋಪವಿದೆ. ಜಿಲ್ಲಾ ಶಸ್ತ್ರಚಿಕಿತ್ಸಕ ಹಾಗೂ ಜಿಲ್ಲಾ ಆರೋಗ್ಯಾಧಿಕಾರಿಗಳು ಆಸ್ಪತ್ರೆಯಲ್ಲಿನ ಅವ್ಯವಸ್ಥೆ ಸರಿಪಡಿಸಬೇಕು. ಮಹಿಳೆಯರಿಗೆ ಪ್ರತ್ಯೇಕ ವಾರ್ಡ್ ವ್ಯವಸ್ಥೆ ಮಾಡಬೇಕು ಎಂದು ಸೂಚಿಸಿದರು. ನರ್ಸಿಂಗ್ ಕಾಲೇಜಿನ ವಿದ್ಯಾರ್ಥಿನಿಯರು ವಿವಿಧ ಸಮಸ್ಯೆಗಳನ್ನು ಗಮನಕ್ಕೆ ತಂದಿದ್ದಾರೆ. ವಸತಿ ನಿಲಯದಲ್ಲಿ ಮೂಲಸೌಕರ್ಯಗಳ ಕೊರತೆ ಇದೆ. ಕೂಡಲೇ ಕ್ರಮ ವಹಿಸುವಂತೆ ಸೂಚನೆ ನೀಡಿದರು. ಸಮಾಜದ ಜಾಲತಾಣದ ದುಷ್ಪರಿಣಾಮಗಳ ಬಗ್ಗೆ ಎಚ್ಚರವಹಿಸಿ: ಸಾಮಾಜಿಕ ಜಾಲತಾಣಗಳ ದುಷ್ಪರಿಣಾಮಗಳ ಕುರಿತು ವಿದ್ಯಾರ್ಥಿನಿಯರು ಎಚ್ಚರವಹಿಸಬೇಕು. ಮೊಬೈಲ್ ಬಳಕೆ ಮಿತವಾಗಿರಲಿ. ಅಪರಿಚಿತರೊಂದಿಗೆ ಸ್ನೇಹ ಬೆಳೆಸುವ ಮುನ್ನ ಎಚ್ಚರ ವಹಿಸಬೇಕು ಎಂದು ಕಿವಿಮಾತು ಹೇಳಿದರು.
ಕಂಡುಬಂದಲ್ಲಿ ಧೈರ್ಯವಾಗಿ ಎದುರಿಸಬೇಕು. ಪೊಲೀಸ್ ಇಲಾಖೆ ಸಹಾಯವಾಣಿ ಮತ್ತು ಹೆಲ್ಪ್‌ಲೈನ್ ಸಂಖ್ಯೆ 112ಗೆ ಕರೆ ಮಾಡಿ. ಹೆಣ್ಣು ಮಕ್ಕಳ ರಕ್ಷಣೆಗೆ ಮುಂದಾಗಬೇಕು ಎಂದು ಡಾ. ನಾಗಲಕ್ಷ್ಮೀ ಚೌಧರಿ ಹೇಳಿದರು. ಮಹಿಳಾ ಆಯೋಗಕ್ಕೆ 2 ಸಾವಿರ ಅರ್ಜಿ ಸ್ವೀಕಾರ: ರಾಜ್ಯ ಮಹಿಳಾ ಆಯೋಗದ ಅಧ್ಯಕ್ಷರಾಗಿ ಅಧಿಕಾರ ಸ್ವೀಕರಿಸಿದ ಬಳಿಕ ಕಳೆದ ಒಂದು ವರ್ಷದ ಅವಧಿಯಲ್ಲಿ ಸುಮಾರು 2 ಸಾವಿರ ಅರ್ಜಿಗಳು ಸ್ವೀಕೃತವಾಗಿವೆ. ಈ ಪೈಕಿ 1,700 ಕ್ಕೂ ಹೆಚ್ಚು ಅರ್ಜಿಗಳನ್ನು ಇತ್ಯರ್ಥ ಮಾಡಲಾಗಿದ್ದು, 300 ಅರ್ಜಿಗಳು ಮಾತ್ರ ಬಾಕಿ ಇವೆ ಎಂದರು. ಮಕ್ಕಳ ರಕ್ಷಣೆ, ಭದ್ರತೆ, ಸ್ಥಿತಿಗತಿಗಳ ಪರಿಶೀಲನೆ ನಡೆಸಿ, ಸಂಬಂಧಪಟ್ಟ ಇಲಾಖೆ ಅಧಿಕಾರಿಗಳು ಪ್ರತಿ ತಿಂಗಳಿಗೊಮ್ಮೆ ವರದಿ ಸಲ್ಲಿಸಬೇಕು. ಮಹಿಳಾ ಸಹಾಯವಾಣಿ 1098 ಹಾಗೂ ಪೊಲೀಸ್ ಸಹಾಯವಾಣಿ 112 ಗೆ ಕರೆ ಮಾಡಿ ದೂರು ನೀಡಬಹುದು. ಜಿಲ್ಲಾ ಗ್ಯಾರಂಟಿ ಯೋಜನೆಗಳ ಪ್ರಾಧಿಕಾರದ ಜಿಲ್ಲಾ ಅಧ್ಯಕ್ಷ ಆರ್.ಶಿವಣ್ಣ, ಜಿಲ್ಲಾ ಪಂಚಾಯಿತಿ ಮುಖ್ಯ ಕಾರ್ಯನಿರ್ವಹಣಾಧಿಕಾರಿ ಎಸ್.ಜೆ.ಸೋಮಶೇಖರ್, ಜಿಲ್ಲಾ ಪೊಲೀಸ್ ವರಿಷ್ಠಾಧಿಕಾರಿ ರಂಜಿತ್ ಕುಮಾರ್ ಬಂಡಾರು, ಉಪವಿಭಾಗಾಧಿಕಾರಿ ವೆಂಕಟೇಶ್ ನಾಯ್ಕ್, ಮಹಿಳಾ ಮತ್ತು ಮಕ್ಕಳ ಅಭಿವೃದ್ಧಿ ಇಲಾಖೆ ಉಪನಿರ್ದೇಶಕ ಟಿ.ರಾಜಾನಾಯ್ಕ್ ಸೇರಿದಂತೆ ವಿವಿಧ ಇಲಾಖೆಗಳ ಅಧಿಕಾರಿಗಳು ಇದ್ದರು. ಪ್ರಗತಿ ಪರಿಶೀಲನಾ ಸಭೆಯ ಬಳಿಕ ಜಿಲ್ಲಾ ಮಹಿಳಾ ಆಯೋಗದ ಅಧ್ಯಕ್ಷೆ ಡಾ. ನಾಗಲಕ್ಷ್ಮೀ ಚೌಧರಿ ಅವರು ಸಾರ್ವಜನಿಕರ ಅಹವಾಲುಗಳನ್ನು ಸ್ವೀಕರಿಸಿ, ಸ್ಥಳದಲ್ಲಿಯೇ ಪರಿಹಾರಕ್ಕೆ ಸಂಬಂಧಪಟ್ಟ ಅಧಿಕಾರಿಗಳಿಗೆ ಸೂಚನೆ ನೀಡಿದರು.
PANADAVA REGIONAL KANNADA DAILY MORNING, Editor, Printer & Owner by :S.T. VEDAMURTHY, A.P.M.C Road, Halageri Chawl, Ranebennur - 581 115
Haveri - Dist, Karnataka State, Printed at : GAYATHRI PUBLICATIONS, Nekar Colony, Industrial Area, Ranebennur, Haveri Dist, Karnataka State
